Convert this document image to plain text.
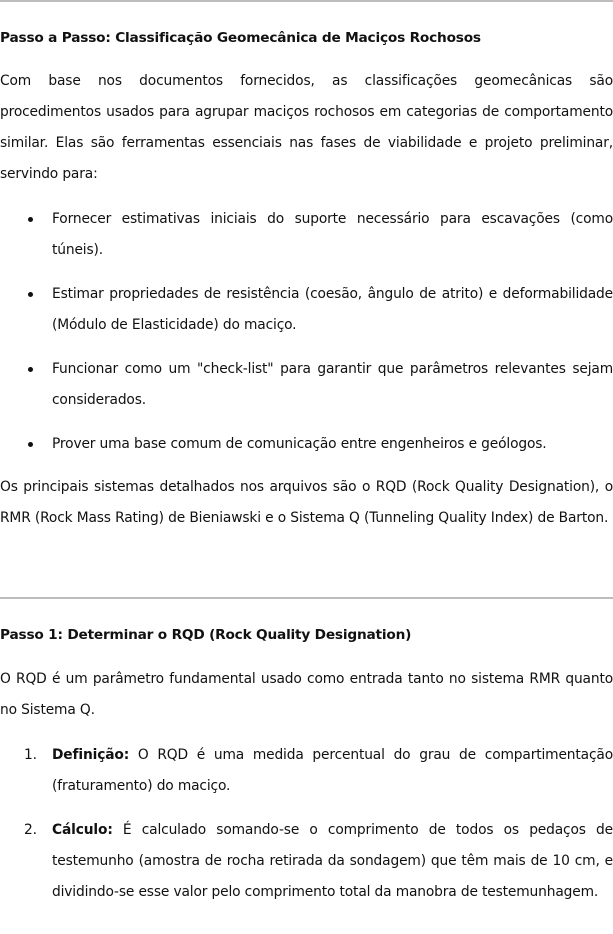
Passo a Passo: Classificação Geomecânica de Maciços Rochosos
Com base nos documentos fornecidos, as classificações geomecânicas são procedimentos usados para agrupar maciços rochosos em categorias de comportamento similar. Elas são ferramentas essenciais nas fases de viabilidade e projeto preliminar, servindo para:
Fornecer estimativas iniciais do suporte necessário para escavações (como túneis).
Estimar propriedades de resistência (coesão, ângulo de atrito) e deformabilidade (Módulo de Elasticidade) do maciço.
Funcionar como um "check-list" para garantir que parâmetros relevantes sejam considerados.
Prover uma base comum de comunicação entre engenheiros e geólogos.
Os principais sistemas detalhados nos arquivos são o RQD (Rock Quality Designation), o RMR (Rock Mass Rating) de Bieniawski e o Sistema Q (Tunneling Quality Index) de Barton.
Passo 1: Determinar o RQD (Rock Quality Designation)
O RQD é um parâmetro fundamental usado como entrada tanto no sistema RMR quanto no Sistema Q.
1. Definição: O RQD é uma medida percentual do grau de compartimentação (fraturamento) do maciço.
2. Cálculo: É calculado somando-se o comprimento de todos os pedaços de testemunho (amostra de rocha retirada da sondagem) que têm mais de 10 cm, e dividindo-se esse valor pelo comprimento total da manobra de testemunhagem.
